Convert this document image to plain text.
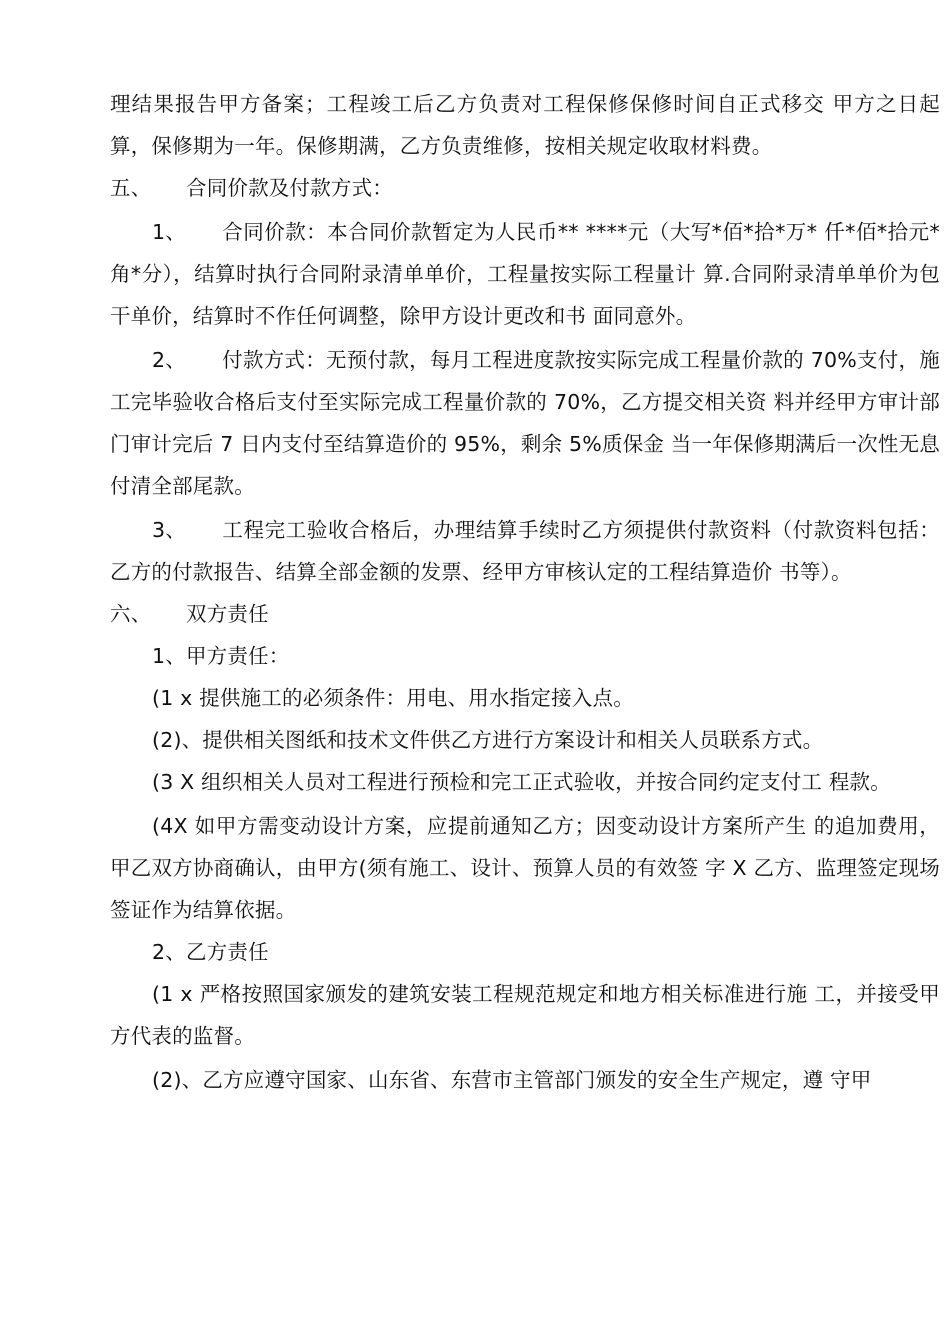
理结果报告甲方备案；工程竣工后乙方负责对工程保修保修时间自正式移交 甲方之日起算，保修期为一年。保修期满，乙方负责维修，按相关规定收取材料费。

五、	合同价款及付款方式：

1、 合同价款：本合同价款暂定为人民币** ****元（大写*佰*拾*万* 仟*佰*拾元*角*分），结算时执行合同附录清单单价，工程量按实际工程量计 算.合同附录清单单价为包干单价，结算时不作任何调整，除甲方设计更改和书 面同意外。

2、 付款方式：无预付款，每月工程进度款按实际完成工程量价款的 70%支付，施工完毕验收合格后支付至实际完成工程量价款的 70%，乙方提交相关资 料并经甲方审计部门审计完后 7 日内支付至结算造价的 95%，剩余 5%质保金 当一年保修期满后一次性无息付清全部尾款。

3、 工程完工验收合格后，办理结算手续时乙方须提供付款资料（付款资料包括：乙方的付款报告、结算全部金额的发票、经甲方审核认定的工程结算造价 书等）。

六、	双方责任

1、甲方责任：

(1 x 提供施工的必须条件：用电、用水指定接入点。

(2)、提供相关图纸和技术文件供乙方进行方案设计和相关人员联系方式。

(3 X 组织相关人员对工程进行预检和完工正式验收，并按合同约定支付工 程款。

(4X 如甲方需变动设计方案，应提前通知乙方；因变动设计方案所产生 的追加费用，甲乙双方协商确认，由甲方(须有施工、设计、预算人员的有效签 字 X 乙方、监理签定现场签证作为结算依据。

2、乙方责任

(1 x 严格按照国家颁发的建筑安装工程规范规定和地方相关标准进行施 工，并接受甲方代表的监督。

(2)、乙方应遵守国家、山东省、东营市主管部门颁发的安全生产规定，遵 守甲
